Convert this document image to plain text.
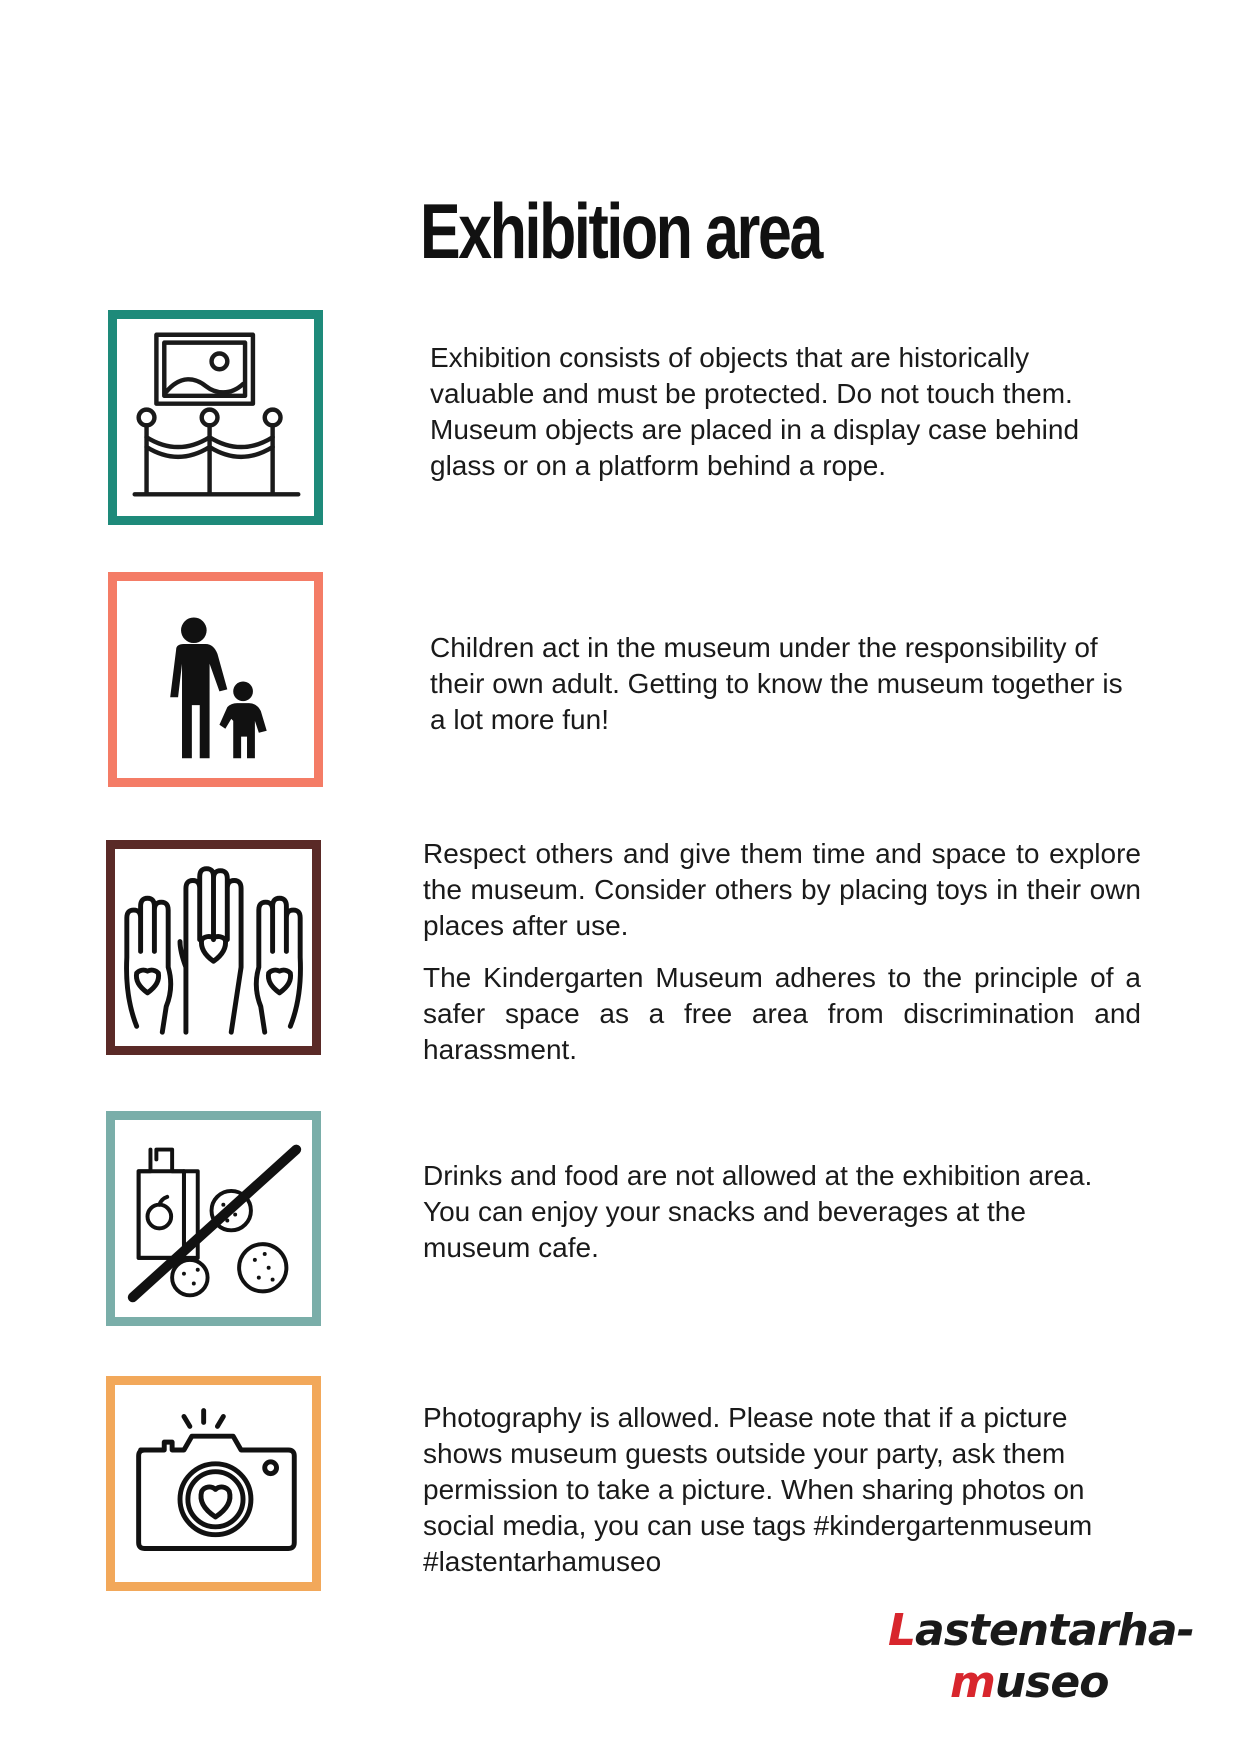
Exhibition area

Exhibition consists of objects that are historically valuable and must be protected. Do not touch them. Museum objects are placed in a display case behind glass or on a platform behind a rope.

Children act in the museum under the responsibility of their own adult. Getting to know the museum together is a lot more fun!

Respect others and give them time and space to explore the museum. Consider others by placing toys in their own places after use.

The Kindergarten Museum adheres to the principle of a safer space as a free area from discrimination and harassment.

Drinks and food are not allowed at the exhibition area. You can enjoy your snacks and beverages at the museum cafe.

Photography is allowed. Please note that if a picture shows museum guests outside your party, ask them permission to take a picture. When sharing photos on social media, you can use tags #kindergartenmuseum #lastentarhamuseo

Lastentarha-
museo
